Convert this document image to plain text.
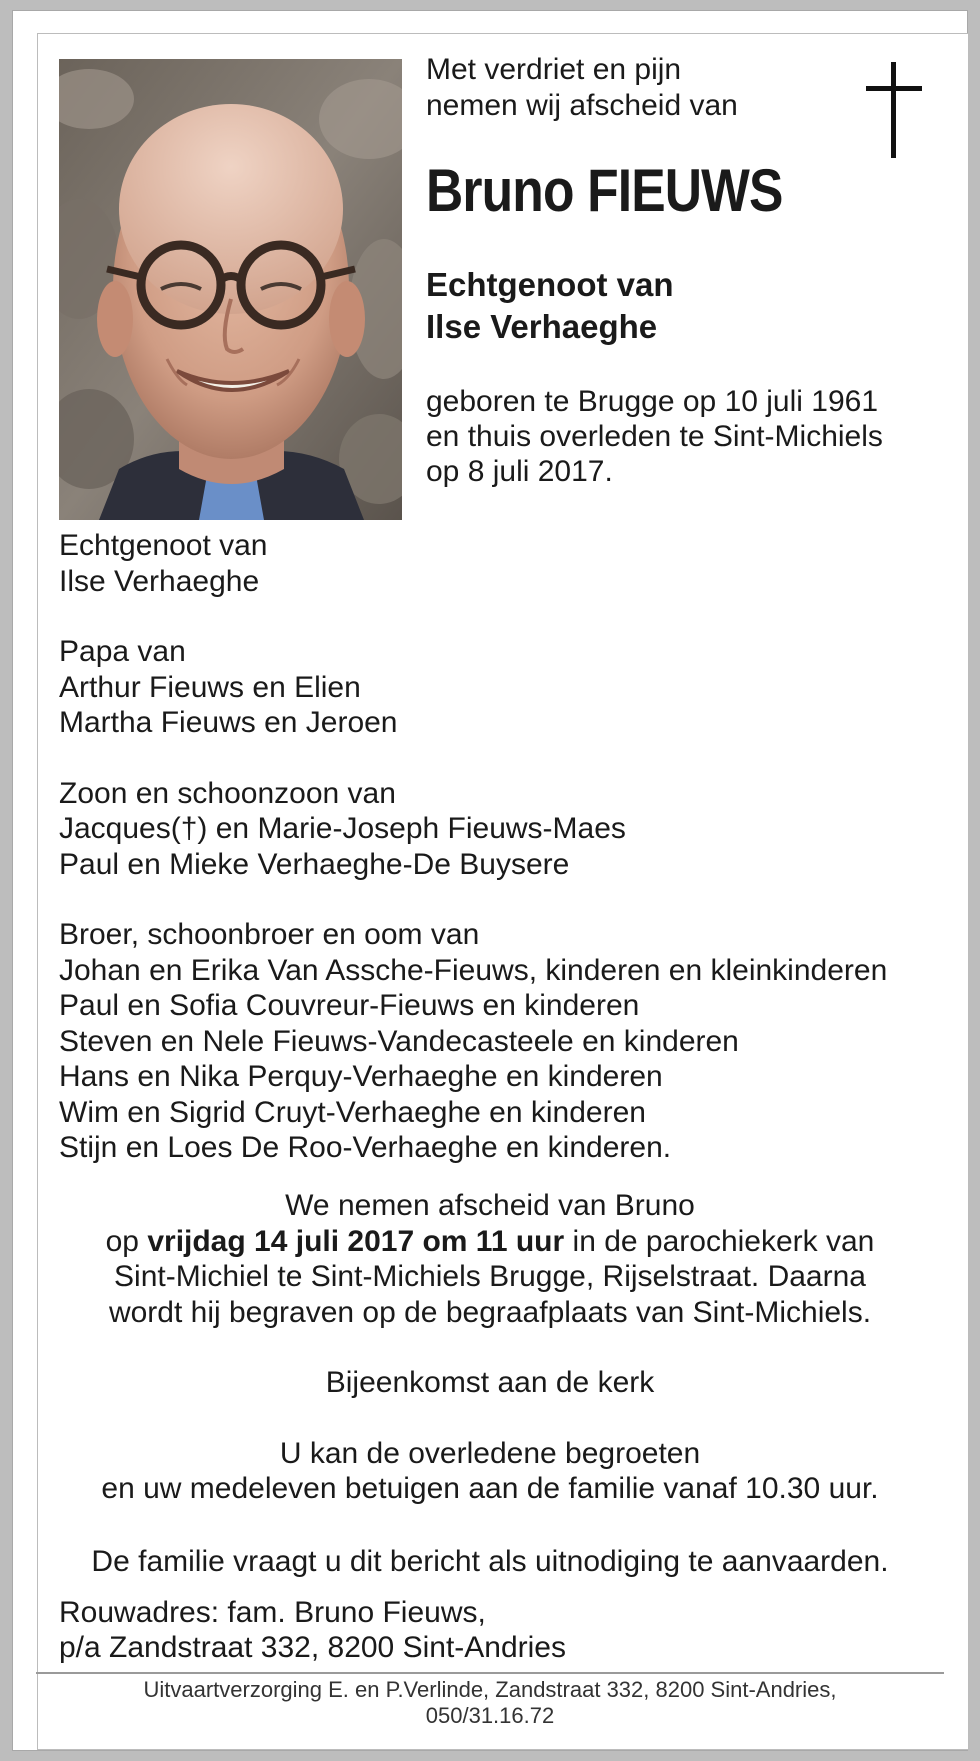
Met verdriet en pijn
nemen wij afscheid van
Bruno FIEUWS
Echtgenoot van
Ilse Verhaeghe
geboren te Brugge op 10 juli 1961
en thuis overleden te Sint-Michiels
op 8 juli 2017.
Echtgenoot van
Ilse Verhaeghe
Papa van
Arthur Fieuws en Elien
Martha Fieuws en Jeroen
Zoon en schoonzoon van
Jacques(†) en Marie-Joseph Fieuws-Maes
Paul en Mieke Verhaeghe-De Buysere
Broer, schoonbroer en oom van
Johan en Erika Van Assche-Fieuws, kinderen en kleinkinderen
Paul en Sofia Couvreur-Fieuws en kinderen
Steven en Nele Fieuws-Vandecasteele en kinderen
Hans en Nika Perquy-Verhaeghe en kinderen
Wim en Sigrid Cruyt-Verhaeghe en kinderen
Stijn en Loes De Roo-Verhaeghe en kinderen.
We nemen afscheid van Bruno
op vrijdag 14 juli 2017 om 11 uur in de parochiekerk van
Sint-Michiel te Sint-Michiels Brugge, Rijselstraat. Daarna
wordt hij begraven op de begraafplaats van Sint-Michiels.
Bijeenkomst aan de kerk
U kan de overledene begroeten
en uw medeleven betuigen aan de familie vanaf 10.30 uur.
De familie vraagt u dit bericht als uitnodiging te aanvaarden.
Rouwadres: fam. Bruno Fieuws,
p/a Zandstraat 332, 8200 Sint-Andries
Uitvaartverzorging E. en P.Verlinde, Zandstraat 332, 8200 Sint-Andries,
050/31.16.72
